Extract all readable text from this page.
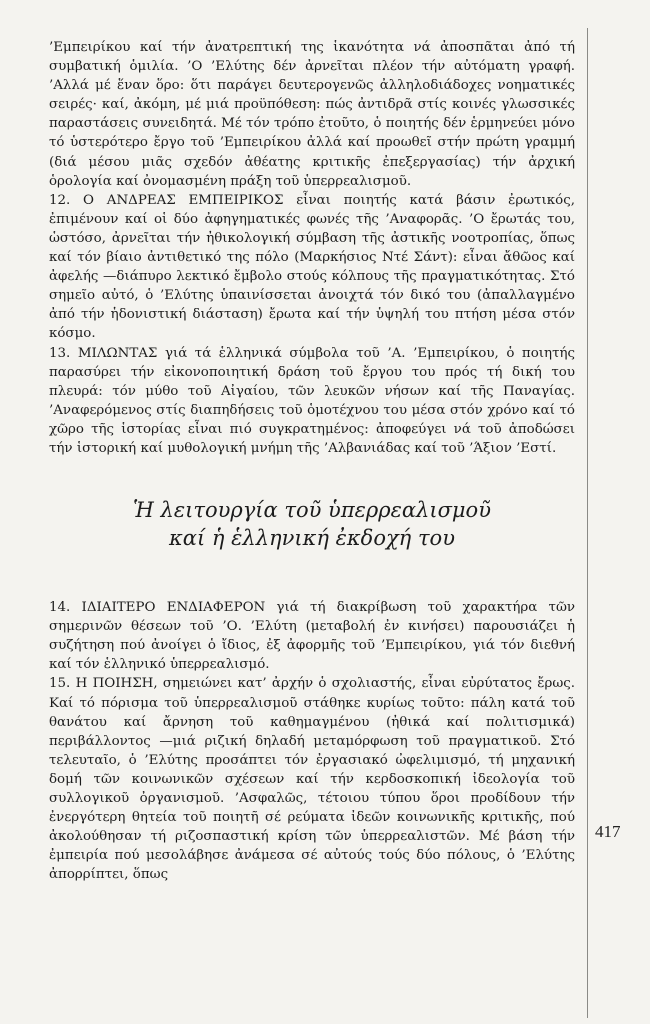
’Εμπειρίκου καί τήν ἀνατρεπτική της ἱκανότητα νά ἀποσπᾶται ἀπό τή συμβατική ὁμιλία. ’Ο ’Ελύτης δέν ἀρνεῖται πλέον τήν αὐτόματη γραφή. ’Αλλά μέ ἕναν ὅρο: ὅτι παράγει δευτερογενῶς ἀλληλοδιάδοχες νοηματικές σειρές· καί, ἀκόμη, μέ μιά προϋπόθεση: πώς ἀντιδρᾶ στίς κοινές γλωσσικές παραστάσεις συνειδητά. Μέ τόν τρόπο ἐτοῦτο, ὁ ποιητής δέν ἑρμηνεύει μόνο τό ὑστερότερο ἔργο τοῦ ’Εμπειρίκου ἀλλά καί προωθεῖ στήν πρώτη γραμμή (διά μέσου μιᾶς σχεδόν ἀθέατης κριτικῆς ἐπεξεργασίας) τήν ἀρχική ὁρολογία καί ὀνομασμένη πράξη τοῦ ὑπερρεαλισμοῦ.

12. Ο ΑΝΔΡΕΑΣ ΕΜΠΕΙΡΙΚΟΣ εἶναι ποιητής κατά βάσιν ἐρωτικός, ἐπιμένουν καί οἱ δύο ἀφηγηματικές φωνές τῆς ’Αναφορᾶς. ’Ο ἔρωτάς του, ὡστόσο, ἀρνεῖται τήν ἠθικολογική σύμβαση τῆς ἀστικῆς νοοτροπίας, ὅπως καί τόν βίαιο ἀντιθετικό της πόλο (Μαρκήσιος Ντέ Σάντ): εἶναι ἄθῶος καί ἀφελής —διάπυρο λεκτικό ἔμβολο στούς κόλπους τῆς πραγματικότητας. Στό σημεῖο αὐτό, ὁ ’Ελύτης ὑπαινίσσεται ἀνοιχτά τόν δικό του (ἀπαλλαγμένο ἀπό τήν ἡδονιστική διάσταση) ἔρωτα καί τήν ὑψηλή του πτήση μέσα στόν κόσμο.

13. ΜΙΛΩΝΤΑΣ γιά τά ἑλληνικά σύμβολα τοῦ ’Α. ’Εμπειρίκου, ὁ ποιητής παρασύρει τήν εἰκονοποιητική δράση τοῦ ἔργου του πρός τή δική του πλευρά: τόν μύθο τοῦ Αἰγαίου, τῶν λευκῶν νήσων καί τῆς Παναγίας. ’Αναφερόμενος στίς διαπηδήσεις τοῦ ὁμοτέχνου του μέσα στόν χρόνο καί τό χῶρο τῆς ἱστορίας εἶναι πιό συγκρατημένος: ἀποφεύγει νά τοῦ ἀποδώσει τήν ἱστορική καί μυθολογική μνήμη τῆς ’Αλβανιάδας καί τοῦ ’Άξιον ’Εστί.

Ἡ λειτουργία τοῦ ὑπερρεαλισμοῦ
καί ἡ ἑλληνική ἐκδοχή του

14. ΙΔΙΑΙΤΕΡΟ ΕΝΔΙΑΦΕΡΟΝ γιά τή διακρίβωση τοῦ χαρακτήρα τῶν σημερινῶν θέσεων τοῦ ’Ο. ’Ελύτη (μεταβολή ἐν κινήσει) παρουσιάζει ἡ συζήτηση πού ἀνοίγει ὁ ἴδιος, ἐξ ἀφορμῆς τοῦ ’Εμπειρίκου, γιά τόν διεθνή καί τόν ἑλληνικό ὑπερρεαλισμό.

15. Η ΠΟΙΗΣΗ, σημειώνει κατ’ ἀρχήν ὁ σχολιαστής, εἶναι εὐρύτατος ἔρως. Καί τό πόρισμα τοῦ ὑπερρεαλισμοῦ στάθηκε κυρίως τοῦτο: πάλη κατά τοῦ θανάτου καί ἄρνηση τοῦ καθημαγμένου (ἠθικά καί πολιτισμικά) περιβάλλοντος —μιά ριζική δηλαδή μεταμόρφωση τοῦ πραγματικοῦ. Στό τελευταῖο, ὁ ’Ελύτης προσάπτει τόν ἐργασιακό ὠφελιμισμό, τή μηχανική δομή τῶν κοινωνικῶν σχέσεων καί τήν κερδοσκοπική ἰδεολογία τοῦ συλλογικοῦ ὀργανισμοῦ. ’Ασφαλῶς, τέτοιου τύπου ὅροι προδίδουν τήν ἐνεργότερη θητεία τοῦ ποιητῆ σέ ρεύματα ἰδεῶν κοινωνικῆς κριτικῆς, πού ἀκολούθησαν τή ριζοσπαστική κρίση τῶν ὑπερρεαλιστῶν. Μέ βάση τήν ἐμπειρία πού μεσολάβησε ἀνάμεσα σέ αὐτούς τούς δύο πόλους, ὁ ’Ελύτης ἀπορρίπτει, ὅπως

417
